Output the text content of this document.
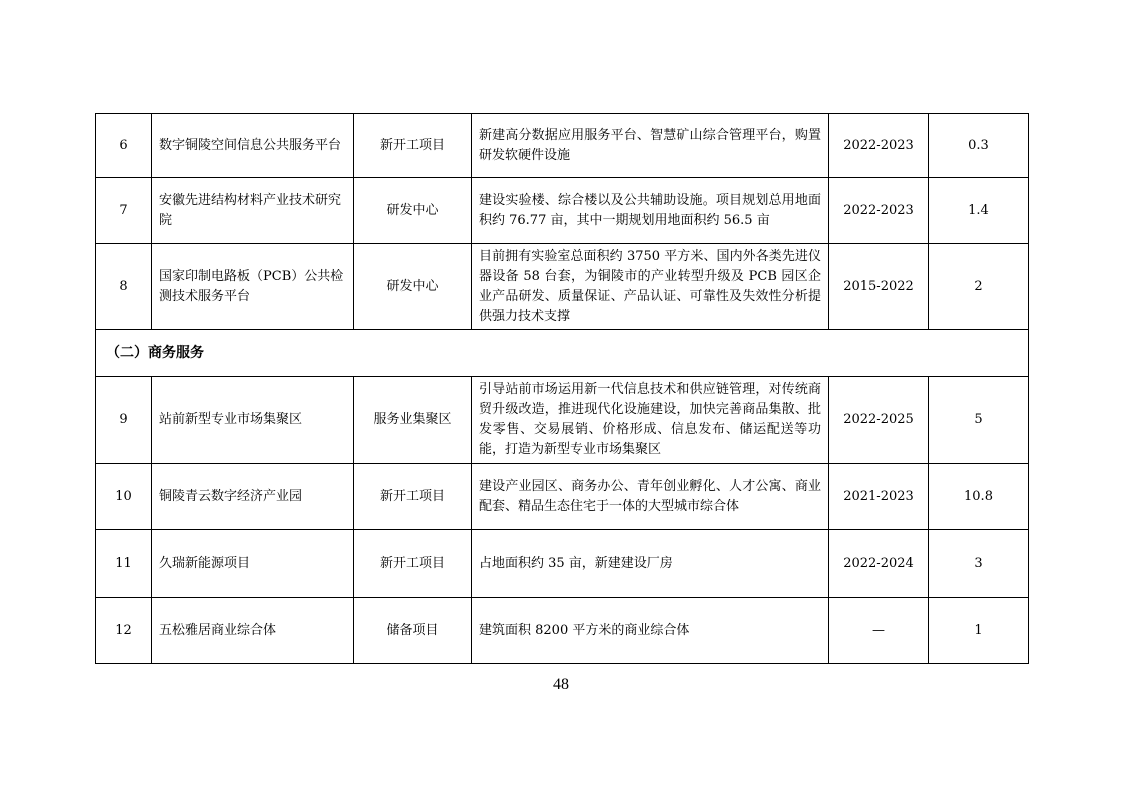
6	数字铜陵空间信息公共服务平台	新开工项目	新建高分数据应用服务平台、智慧矿山综合管理平台，购置研发软硬件设施	2022-2023	0.3
7	安徽先进结构材料产业技术研究院	研发中心	建设实验楼、综合楼以及公共辅助设施。项目规划总用地面积约 76.77 亩，其中一期规划用地面积约 56.5 亩	2022-2023	1.4
8	国家印制电路板（PCB）公共检测技术服务平台	研发中心	目前拥有实验室总面积约 3750 平方米、国内外各类先进仪器设备 58 台套，为铜陵市的产业转型升级及 PCB 园区企业产品研发、质量保证、产品认证、可靠性及失效性分析提供强力技术支撑	2015-2022	2
（二）商务服务					
9	站前新型专业市场集聚区	服务业集聚区	引导站前市场运用新一代信息技术和供应链管理，对传统商贸升级改造，推进现代化设施建设，加快完善商品集散、批发零售、交易展销、价格形成、信息发布、储运配送等功能，打造为新型专业市场集聚区	2022-2025	5
10	铜陵青云数字经济产业园	新开工项目	建设产业园区、商务办公、青年创业孵化、人才公寓、商业配套、精品生态住宅于一体的大型城市综合体	2021-2023	10.8
11	久瑞新能源项目	新开工项目	占地面积约 35 亩，新建建设厂房	2022-2024	3
12	五松雅居商业综合体	储备项目	建筑面积 8200 平方米的商业综合体	—	1
48
